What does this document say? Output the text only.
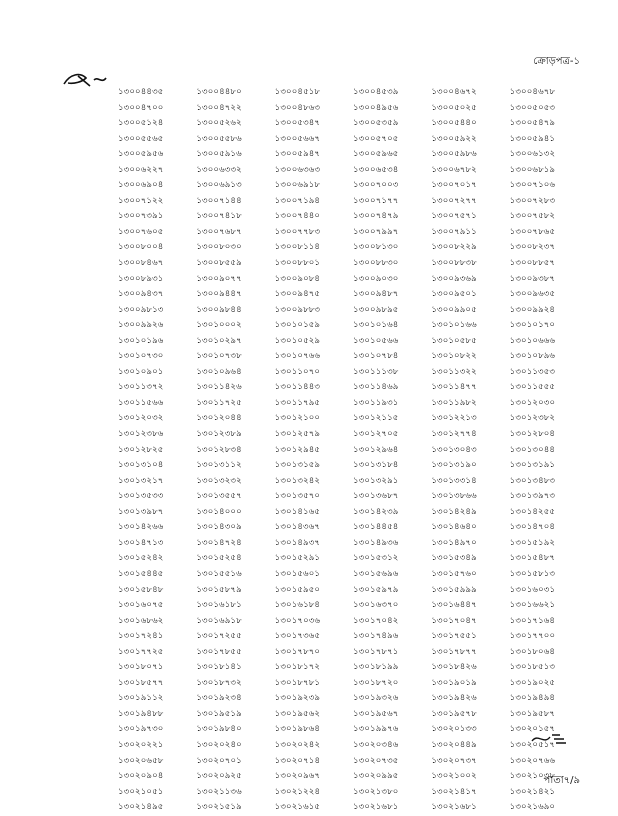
ক্রোড়পত্র-১
১৩০০৪৪৩৫	১৩০০৪৪৮০	১৩০০৪৫১৮	১৩০০৪৫৩৯	১৩০০৪৬৭২	১৩০০৪৬৭৮
১৩০০৪৭০০	১৩০০৪৭২২	১৩০০৪৮৬৩	১৩০০৪৯৫৬	১৩০০৫০২৫	১৩০০৫০৫৩
১৩০০৫১২৪	১৩০০৫২৬২	১৩০০৫৩৪৭	১৩০০৫৩৫৯	১৩০০৫৪৪০	১৩০০৫৪৭৯
১৩০০৫৫৬৫	১৩০০৫৫৮৬	১৩০০৫৬৬৭	১৩০০৫৭০৫	১৩০০৫৯২২	১৩০০৫৯৪১
১৩০০৫৯৫৬	১৩০০৫৯১৬	১৩০০৫৯৪৭	১৩০০৫৯৬৫	১৩০০৫৯৮৬	১৩০০৬১৩২
১৩০০৬২২৭	১৩০০৬৩৩২	১৩০০৬৩৬৩	১৩০০৬৫৩৪	১৩০০৬৭৮২	১৩০০৬৮১৯
১৩০০৬৯০৪	১৩০০৬৯১৩	১৩০০৬৯১৮	১৩০০৭০০৩	১৩০০৭০১৭	১৩০০৭১০৬
১৩০০৭১২২	১৩০০৭১৪৪	১৩০০৭১৯৪	১৩০০৭১৭৭	১৩০০৭২৭৭	১৩০০৭২৮৩
১৩০০৭৩৯১	১৩০০৭৪১৮	১৩০০৭৪৪০	১৩০০৭৪৭৯	১৩০০৭৫৭১	১৩০০৭৫৮২
১৩০০৭৬০৫	১৩০০৭৬৮৭	১৩০০৭৭৮৩	১৩০০৭৯৯৭	১৩০০৭৯১১	১৩০০৭৮৬৫
১৩০০৮০০৪	১৩০০৮০৩০	১৩০০৮১১৪	১৩০০৮১৩০	১৩০০৮২২৯	১৩০০৮২৩৭
১৩০০৮৪৬৭	১৩০০৮৫৫৯	১৩০০৮৮০১	১৩০০৮৮৩০	১৩০০৮৮৩৮	১৩০০৮৮৫৭
১৩০০৮৯৩১	১৩০০৯০৭৭	১৩০০৯০৮৪	১৩০০৯০৩০	১৩০০৯৩৬৯	১৩০০৯৩৮৭
১৩০০৯৪৩৭	১৩০০৯৪৪৭	১৩০০৯৪৭৫	১৩০০৯৪৮৭	১৩০০৯৫০১	১৩০০৯৬৩৫
১৩০০৯৮১৩	১৩০০৯৮৪৪	১৩০০৯৮৮৩	১৩০০৯৮৯৫	১৩০০৯৯০৫	১৩০০৯৯২৪
১৩০০৯৯২৬	১৩০১০০০২	১৩০১০১৫৯	১৩০১০১৬৪	১৩০১০১৬৬	১৩০১০১৭০
১৩০১০১৯৬	১৩০১০২৯৭	১৩০১০৫২৯	১৩০১০৫৬৬	১৩০১০৫৮৫	১৩০১০৬৬৬
১৩০১০৭৩০	১৩০১০৭৩৮	১৩০১০৭৬৬	১৩০১০৭৮৪	১৩০১০৮২২	১৩০১০৮৯৬
১৩০১০৯০১	১৩০১০৯৬৪	১৩০১১০৭০	১৩০১১১৩৮	১৩০১১৩২২	১৩০১১৩৫৩
১৩০১১৩৭২	১৩০১১৪২৬	১৩০১১৪৪৩	১৩০১১৪৬৯	১৩০১১৪৭৭	১৩০১১৫৫৫
১৩০১১৫৬৬	১৩০১১৭২৫	১৩০১১৭৯৫	১৩০১১৯৩১	১৩০১১৯৮২	১৩০১২০৩০
১৩০১২০৩২	১৩০১২০৪৪	১৩০১২১০০	১৩০১২১১৫	১৩০১২২১৩	১৩০১২৩৮২
১৩০১২৩৮৬	১৩০১২৩৮৯	১৩০১২৫৭৯	১৩০১২৭০৫	১৩০১২৭৭৪	১৩০১২৮০৪
১৩০১২৮২৫	১৩০১২৮৩৪	১৩০১২৯৪৫	১৩০১২৯৬৪	১৩০১৩০৪৩	১৩০১৩০৪৪
১৩০১৩১০৪	১৩০১৩১১২	১৩০১৩১৫৯	১৩০১৩১৮৪	১৩০১৩১৯০	১৩০১৩১৯১
১৩০১৩২১৭	১৩০১৩২৩২	১৩০১৩২৪২	১৩০১৩২৯১	১৩০১৩৩১৪	১৩০১৩৪৮৩
১৩০১৩৫৩৩	১৩০১৩৫৫৭	১৩০১৩৫৭০	১৩০১৩৬৮৭	১৩০১৩৮৬৬	১৩০১৩৯৭৩
১৩০১৩৯৮৭	১৩০১৪০০০	১৩০১৪১৬৫	১৩০১৪২৩৯	১৩০১৪২৪৯	১৩০১৪২৫৫
১৩০১৪২৬৬	১৩০১৪৩০৯	১৩০১৪৩৬৭	১৩০১৪৪৫৪	১৩০১৪৬৪০	১৩০১৪৭০৪
১৩০১৪৭১৩	১৩০১৪৭২৪	১৩০১৪৯৩৭	১৩০১৪৯৩৬	১৩০১৪৯৭০	১৩০১৫১৯২
১৩০১৫২৪২	১৩০১৫২৫৪	১৩০১৫২৯১	১৩০১৫৩১২	১৩০১৫৩৪৯	১৩০১৫৪৮৭
১৩০১৫৪৪৫	১৩০১৫৫১৬	১৩০১৫৬০১	১৩০১৫৬৯৬	১৩০১৫৭৬০	১৩০১৫৮১৩
১৩০১৫৮৪৮	১৩০১৫৮৭৯	১৩০১৫৯৫০	১৩০১৫৯৭৯	১৩০১৫৯৯৯	১৩০১৬০৩১
১৩০১৬০৭৫	১৩০১৬১৮১	১৩০১৬১৮৪	১৩০১৬৩৭০	১৩০১৬৪৪৭	১৩০১৬৬২১
১৩০১৬৮৬২	১৩০১৬৯১৮	১৩০১৭০৩৬	১৩০১৭০৪২	১৩০১৭০৪৭	১৩০১৭১৬৪
১৩০১৭২৪১	১৩০১৭২৫৫	১৩০১৭৩৬৫	১৩০১৭৪৯৬	১৩০১৭৫৫১	১৩০১৭৭০০
১৩০১৭৭২৫	১৩০১৭৮৫৫	১৩০১৭৮৭০	১৩০১৭৮৭১	১৩০১৭৮৭৭	১৩০১৮০৬৪
১৩০১৮০৭১	১৩০১৮১৪১	১৩০১৮১৭২	১৩০১৮১৯৯	১৩০১৮৪২৬	১৩০১৮৫১৩
১৩০১৮৫৭৭	১৩০১৮৭৩২	১৩০১৮৭৮১	১৩০১৮৭২০	১৩০১৯০১৯	১৩০১৯০২৫
১৩০১৯১১২	১৩০১৯২৩৪	১৩০১৯২৩৯	১৩০১৯৩২৬	১৩০১৯৪২৬	১৩০১৯৪৯৪
১৩০১৯৪৮৮	১৩০১৯৫১৯	১৩০১৯৫৬২	১৩০১৯৫৬৭	১৩০১৯৫৭৮	১৩০১৯৫৮৭
১৩০১৯৭৩০	১৩০১৯৮৪০	১৩০১৯৮৬৪	১৩০১৯৯৭৬	১৩০২০১৩৩	১৩০২০১৫৭
১৩০২০২২১	১৩০২০২৪০	১৩০২০২৪২	১৩০২০৩৪৬	১৩০২০৪৪৯	১৩০২০৫১৭
১৩০২০৬৫৮	১৩০২০৭০১	১৩০২০৭১৪	১৩০২০৭৩৫	১৩০২০৭৩৭	১৩০২০৭৬৬
১৩০২০৯০৪	১৩০২০৯২৫	১৩০২০৯৬৭	১৩০২০৯৯৫	১৩০২১০০২	১৩০২১০৩৮
১৩০২১০৫১	১৩০২১১৩৬	১৩০২১২২৪	১৩০২১৩৮০	১৩০২১৪১৭	১৩০২১৪২১
১৩০২১৪৯৫	১৩০২১৫১৯	১৩০২১৬১৫	১৩০২১৬৮১	১৩০২১৬৮১	১৩০২১৬৯০
পাতা৭/৯
